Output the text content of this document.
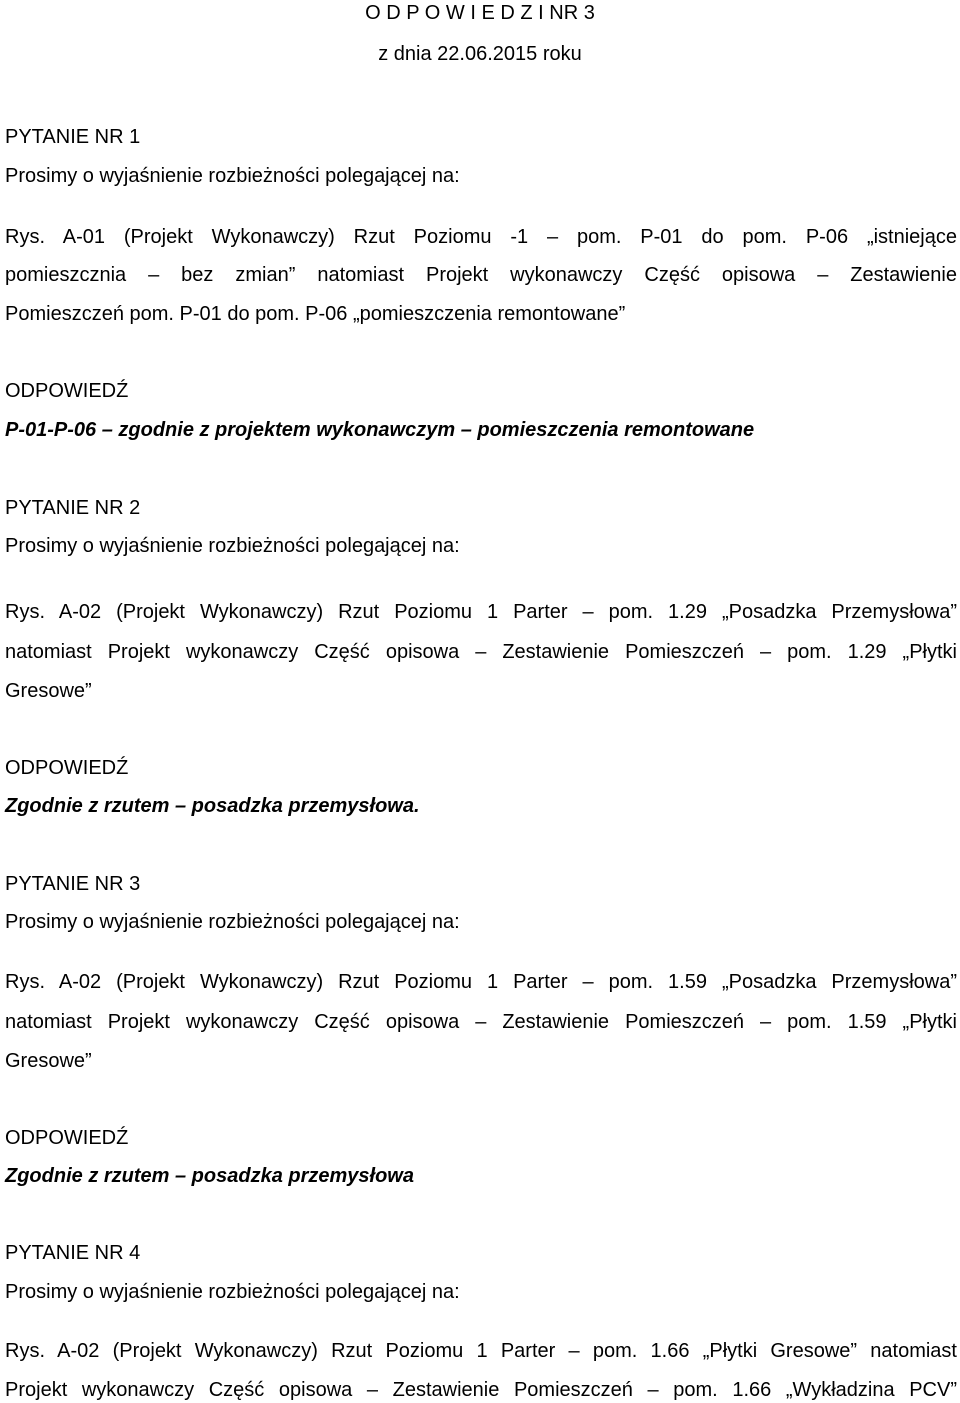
O D P O W I E D Z I NR 3
z dnia 22.06.2015 roku
PYTANIE NR 1
Prosimy o wyjaśnienie rozbieżności polegającej na:
Rys. A-01 (Projekt Wykonawczy) Rzut Poziomu -1 – pom. P-01 do pom. P-06 „istniejące
pomieszcznia – bez zmian” natomiast Projekt wykonawczy Część opisowa – Zestawienie
Pomieszczeń pom. P-01 do pom. P-06 „pomieszczenia remontowane”
ODPOWIEDŹ
P-01-P-06 – zgodnie z projektem wykonawczym – pomieszczenia remontowane
PYTANIE NR 2
Prosimy o wyjaśnienie rozbieżności polegającej na:
Rys. A-02 (Projekt Wykonawczy) Rzut Poziomu 1 Parter – pom. 1.29 „Posadzka Przemysłowa”
natomiast Projekt wykonawczy Część opisowa – Zestawienie Pomieszczeń – pom. 1.29 „Płytki
Gresowe”
ODPOWIEDŹ
Zgodnie z rzutem – posadzka przemysłowa.
PYTANIE NR 3
Prosimy o wyjaśnienie rozbieżności polegającej na:
Rys. A-02 (Projekt Wykonawczy) Rzut Poziomu 1 Parter – pom. 1.59 „Posadzka Przemysłowa”
natomiast Projekt wykonawczy Część opisowa – Zestawienie Pomieszczeń – pom. 1.59 „Płytki
Gresowe”
ODPOWIEDŹ
Zgodnie z rzutem – posadzka przemysłowa
PYTANIE NR 4
Prosimy o wyjaśnienie rozbieżności polegającej na:
Rys. A-02 (Projekt Wykonawczy) Rzut Poziomu 1 Parter – pom. 1.66 „Płytki Gresowe” natomiast
Projekt wykonawczy Część opisowa – Zestawienie Pomieszczeń – pom. 1.66 „Wykładzina PCV”
